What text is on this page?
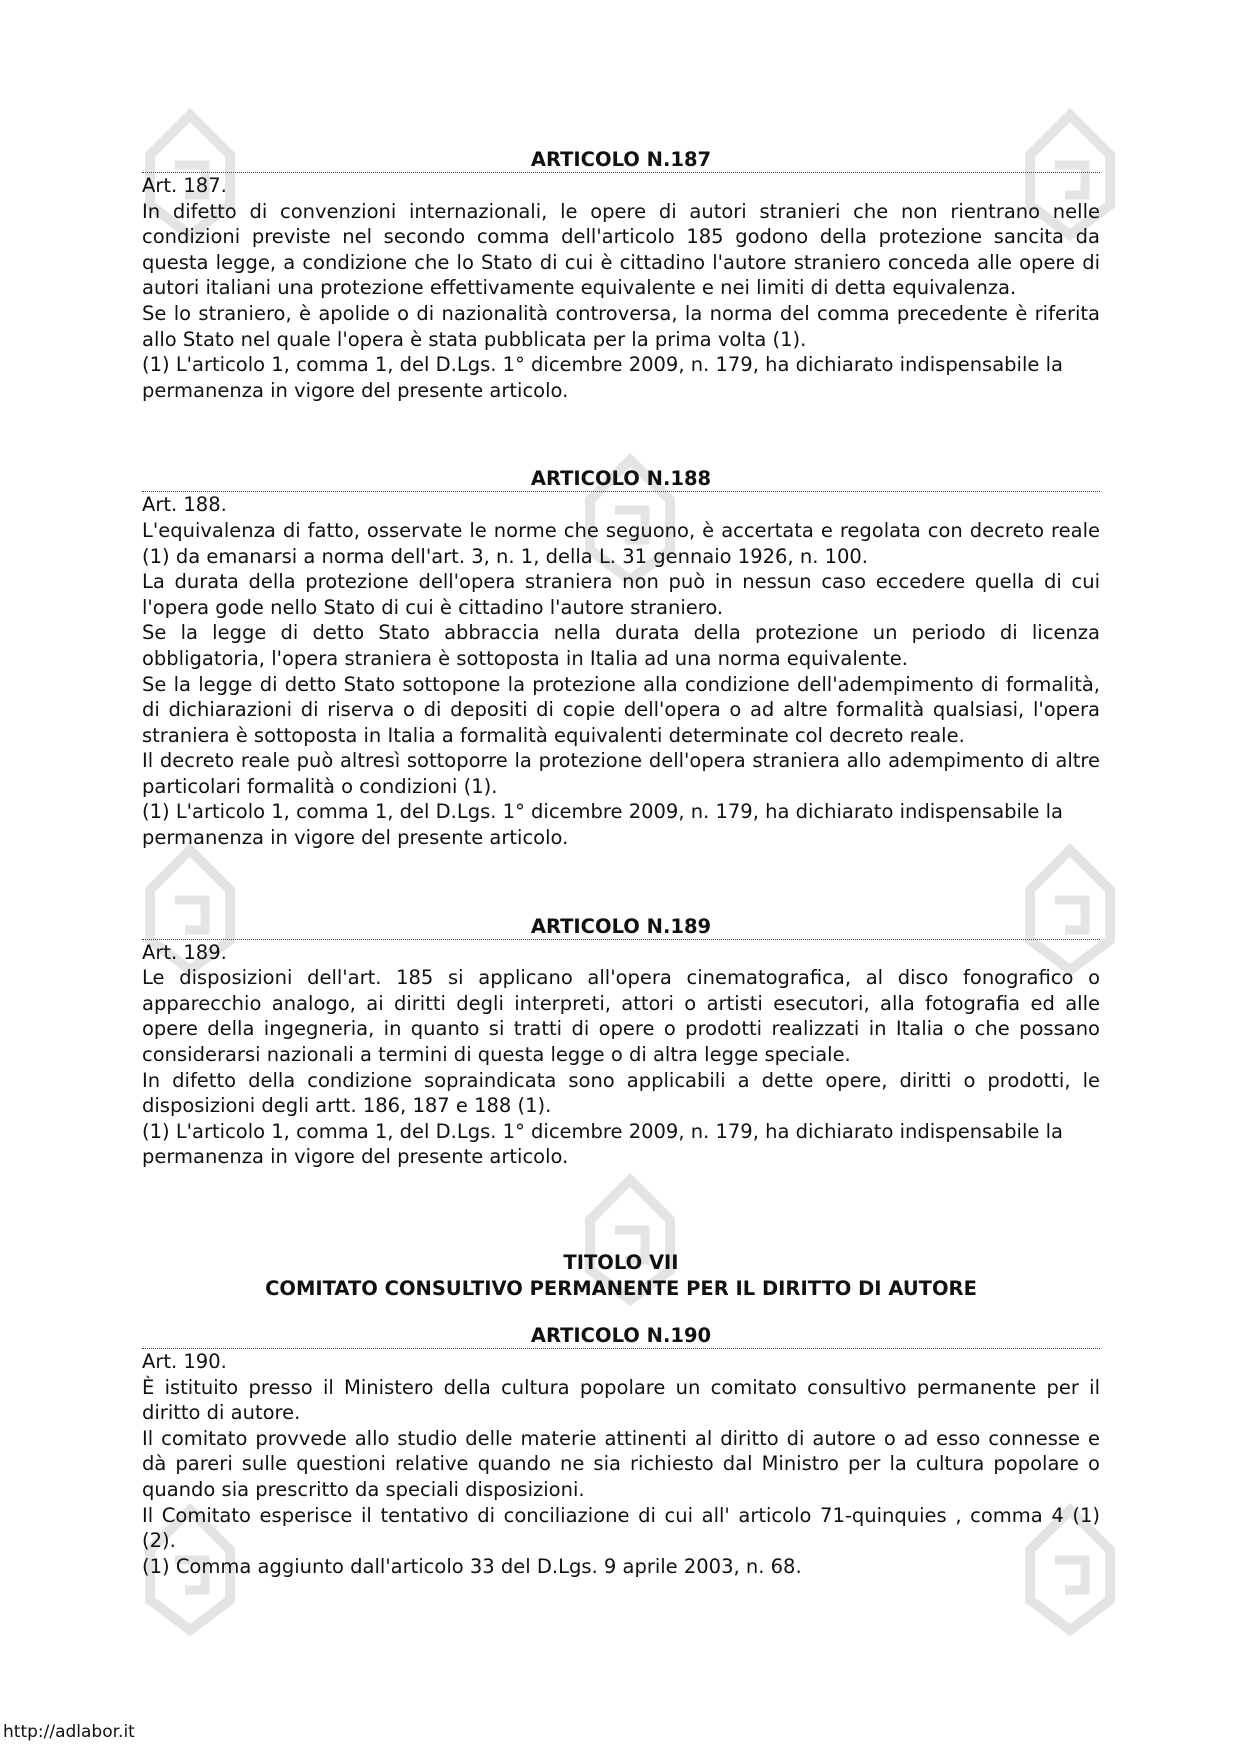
ARTICOLO N.187

Art. 187.

In difetto di convenzioni internazionali, le opere di autori stranieri che non rientrano nelle condizioni previste nel secondo comma dell'articolo 185 godono della protezione sancita da questa legge, a condizione che lo Stato di cui è cittadino l'autore straniero conceda alle opere di autori italiani una protezione effettivamente equivalente e nei limiti di detta equivalenza.

Se lo straniero, è apolide o di nazionalità controversa, la norma del comma precedente è riferita allo Stato nel quale l'opera è stata pubblicata per la prima volta (1).

(1) L'articolo 1, comma 1, del D.Lgs. 1° dicembre 2009, n. 179, ha dichiarato indispensabile la permanenza in vigore del presente articolo.

ARTICOLO N.188

Art. 188.

L'equivalenza di fatto, osservate le norme che seguono, è accertata e regolata con decreto reale (1) da emanarsi a norma dell'art. 3, n. 1, della L. 31 gennaio 1926, n. 100.

La durata della protezione dell'opera straniera non può in nessun caso eccedere quella di cui l'opera gode nello Stato di cui è cittadino l'autore straniero.

Se la legge di detto Stato abbraccia nella durata della protezione un periodo di licenza obbligatoria, l'opera straniera è sottoposta in Italia ad una norma equivalente.

Se la legge di detto Stato sottopone la protezione alla condizione dell'adempimento di formalità, di dichiarazioni di riserva o di depositi di copie dell'opera o ad altre formalità qualsiasi, l'opera straniera è sottoposta in Italia a formalità equivalenti determinate col decreto reale.

Il decreto reale può altresì sottoporre la protezione dell'opera straniera allo adempimento di altre particolari formalità o condizioni (1).

(1) L'articolo 1, comma 1, del D.Lgs. 1° dicembre 2009, n. 179, ha dichiarato indispensabile la permanenza in vigore del presente articolo.

ARTICOLO N.189

Art. 189.

Le disposizioni dell'art. 185 si applicano all'opera cinematografica, al disco fonografico o apparecchio analogo, ai diritti degli interpreti, attori o artisti esecutori, alla fotografia ed alle opere della ingegneria, in quanto si tratti di opere o prodotti realizzati in Italia o che possano considerarsi nazionali a termini di questa legge o di altra legge speciale.

In difetto della condizione sopraindicata sono applicabili a dette opere, diritti o prodotti, le disposizioni degli artt. 186, 187 e 188 (1).

(1) L'articolo 1, comma 1, del D.Lgs. 1° dicembre 2009, n. 179, ha dichiarato indispensabile la permanenza in vigore del presente articolo.

TITOLO VII
COMITATO CONSULTIVO PERMANENTE PER IL DIRITTO DI AUTORE
ARTICOLO N.190

Art. 190.

È istituito presso il Ministero della cultura popolare un comitato consultivo permanente per il diritto di autore.

Il comitato provvede allo studio delle materie attinenti al diritto di autore o ad esso connesse e dà pareri sulle questioni relative quando ne sia richiesto dal Ministro per la cultura popolare o quando sia prescritto da speciali disposizioni.

Il Comitato esperisce il tentativo di conciliazione di cui all' articolo 71-quinquies , comma 4 (1) (2).

(1) Comma aggiunto dall'articolo 33 del D.Lgs. 9 aprile 2003, n. 68.

http://adlabor.it
